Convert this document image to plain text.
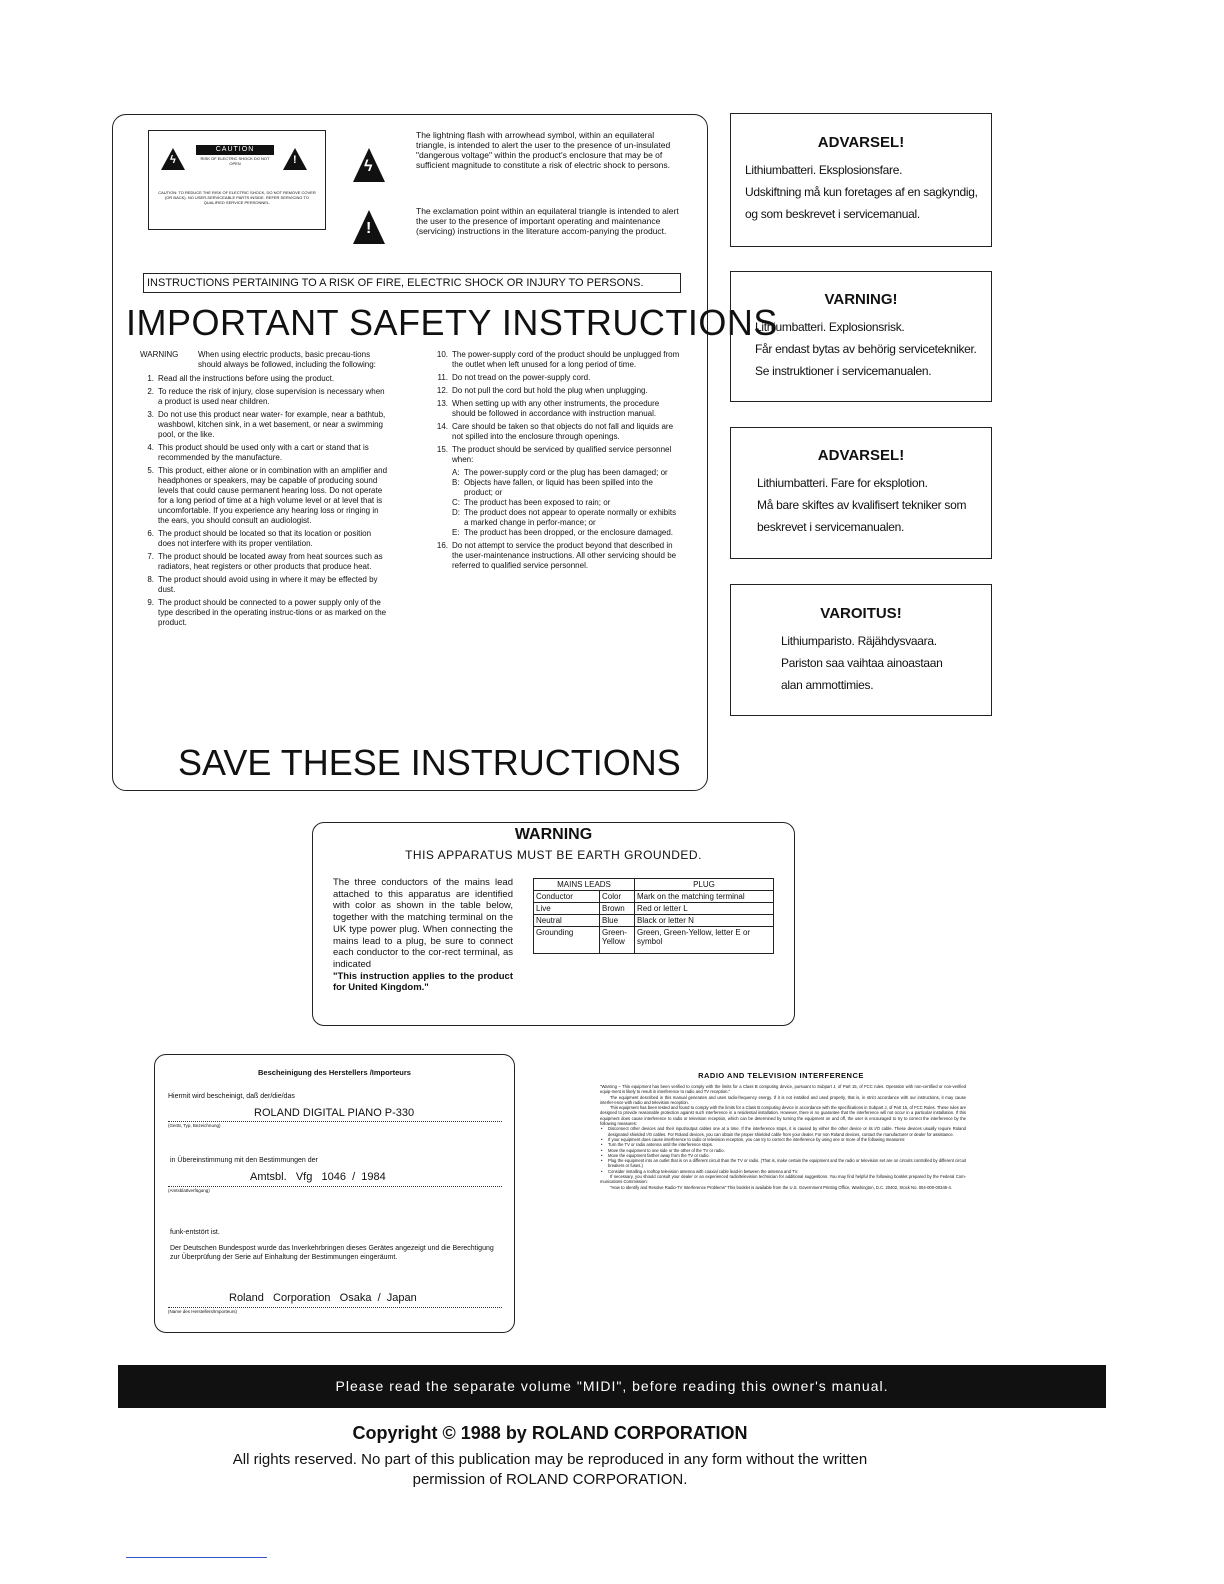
ϟ	!
CAUTION
RISK OF ELECTRIC SHOCK DO NOT OPEN
CAUTION: TO REDUCE THE RISK OF ELECTRIC SHOCK, DO NOT REMOVE COVER (OR BACK). NO USER-SERVICEABLE PARTS INSIDE. REFER SERVICING TO QUALIFIED SERVICE PERSONNEL.
ϟ
The lightning flash with arrowhead symbol, within an equilateral triangle, is intended to alert the user to the presence of un-insulated "dangerous voltage" within the product's enclosure that may be of sufficient magnitude to constitute a risk of electric shock to persons.
!
The exclamation point within an equilateral triangle is intended to alert the user to the presence of important operating and maintenance (servicing) instructions in the literature accom-panying the product.
INSTRUCTIONS PERTAINING TO A RISK OF FIRE, ELECTRIC SHOCK OR INJURY TO PERSONS.
IMPORTANT SAFETY INSTRUCTIONS
WARNING When using electric products, basic precau-tions should always be followed, including the following:
1. Read all the instructions before using the product.
2. To reduce the risk of injury, close supervision is necessary when a product is used near children.
3. Do not use this product near water- for example, near a bathtub, washbowl, kitchen sink, in a wet basement, or near a swimming pool, or the like.
4. This product should be used only with a cart or stand that is recommended by the manufacture.
5. This product, either alone or in combination with an amplifier and headphones or speakers, may be capable of producing sound levels that could cause permanent hearing loss. Do not operate for a long period of time at a high volume level or at level that is uncomfortable. If you experience any hearing loss or ringing in the ears, you should consult an audiologist.
6. The product should be located so that its location or position does not interfere with its proper ventilation.
7. The product should be located away from heat sources such as radiators, heat registers or other products that produce heat.
8. The product should avoid using in where it may be effected by dust.
9. The product should be connected to a power supply only of the type described in the operating instruc-tions or as marked on the product.
10. The power-supply cord of the product should be unplugged from the outlet when left unused for a long period of time.
11. Do not tread on the power-supply cord.
12. Do not pull the cord but hold the plug when unplugging.
13. When setting up with any other instruments, the procedure should be followed in accordance with instruction manual.
14. Care should be taken so that objects do not fall and liquids are not spilled into the enclosure through openings.
15. The product should be serviced by qualified service personnel when:
A: The power-supply cord or the plug has been damaged; or
B: Objects have fallen, or liquid has been spilled into the product; or
C: The product has been exposed to rain; or
D: The product does not appear to operate normally or exhibits a marked change in perfor-mance; or
E: The product has been dropped, or the enclosure damaged.
16. Do not attempt to service the product beyond that described in the user-maintenance instructions. All other servicing should be referred to qualified service personnel.
SAVE THESE INSTRUCTIONS
ADVARSEL!

Lithiumbatteri. Eksplosionsfare.

Udskiftning må kun foretages af en sagkyndig,

og som beskrevet i servicemanual.

VARNING!

Lithiumbatteri. Explosionsrisk.

Får endast bytas av behörig servicetekniker.

Se instruktioner i servicemanualen.

ADVARSEL!

Lithiumbatteri. Fare for eksplotion.

Må bare skiftes av kvalifisert tekniker som

beskrevet i servicemanualen.

VAROITUS!

Lithiumparisto. Räjähdysvaara.

Pariston saa vaihtaa ainoastaan

alan ammottimies.

WARNING
THIS APPARATUS MUST BE EARTH GROUNDED.
The three conductors of the mains lead attached to this apparatus are identified with color as shown in the table below, together with the matching terminal on the UK type power plug. When connecting the mains lead to a plug, be sure to connect each conductor to the cor-rect terminal, as indicated
"This instruction applies to the product for United Kingdom."
MAINS LEADS		PLUG
Conductor	Color	Mark on the matching terminal
Live	Brown	Red or letter L
Neutral	Blue	Black or letter N
Grounding	Green-Yellow	Green, Green-Yellow, letter E or symbol
Bescheinigung des Herstellers /Importeurs
Hiermit wird bescheinigt, daß der/die/das
ROLAND DIGITAL PIANO P-330
(Gerät, Typ, Bezeichnung)
in Übereinstimmung mit den Bestimmungen der
Amtsbl.   Vfg   1046  /  1984
(Amtsblattverfügung)
funk-entstört ist.
Der Deutschen Bundespost wurde das Inverkehrbringen dieses Gerätes angezeigt und die Berechtigung zur Überprüfung der Serie auf Einhaltung der Bestimmungen eingeräumt.
Roland   Corporation   Osaka  /  Japan
(Name des Herstellers/Importeurs)
RADIO AND TELEVISION INTERFERENCE
"Warning – This equipment has been verified to comply with the limits for a Class B computing device, pursuant to Subpart J, of Part 15, of FCC rules. Operation with non-certified or non-verified equip-ment is likely to result in interference to radio and TV reception."
The equipment described in this manual generates and uses radio-frequency energy. If it is not installed and used properly, that is, in strict accordance with our instructions, it may cause interfer-ence with radio and television reception.
This equipment has been tested and found to comply with the limits for a Class B computing device in accordance with the specifications in Subpart J, of Part 15, of FCC Rules. These rules are designed to provide reasonable protection against such interference in a residential installation. However, there is no guarantee that the interference will not occur in a particular installation. If this equipment does cause interference to radio or television reception, which can be determined by turning the equipment on and off, the user is encouraged to try to correct the interference by the following measures:
• Disconnect other devices and their input/output cables one at a time. If the interference stops, it is caused by either the other device or its I/O cable. These devices usually require Roland designated shielded I/O cables. For Roland devices, you can obtain the proper shielded cable from your dealer. For non Roland devices, contact the manufacturer or dealer for assistance.
• If your equipment does cause interference to radio or television reception, you can try to correct the interference by using one or more of the following measures:
• Turn the TV or radio antenna until the interference stops.
• Move the equipment to one side or the other of the TV or radio.
• Move the equipment farther away from the TV or radio.
• Plug the equipment into an outlet that is on a different circuit than the TV or radio. (That is, make certain the equipment and the radio or television set are on circuits controlled by different circuit breakers or fuses.)
• Consider installing a rooftop television antenna with coaxial cable lead-in between the antenna and TV.
If necessary, you should consult your dealer or an experienced radio/television technician for additional suggestions. You may find helpful the following booklet prepared by the Federal Com-munications Commission:
"How to Identify and Resolve Radio-TV Interference Problems" This booklet is available from the U.S. Government Printing Office, Washington, D.C. 20402, Stock No. 004-000-00345-4.
Please read the separate volume "MIDI", before reading this owner's manual.
Copyright © 1988 by ROLAND CORPORATION
All rights reserved. No part of this publication may be reproduced in any form without the written permission of ROLAND CORPORATION.
